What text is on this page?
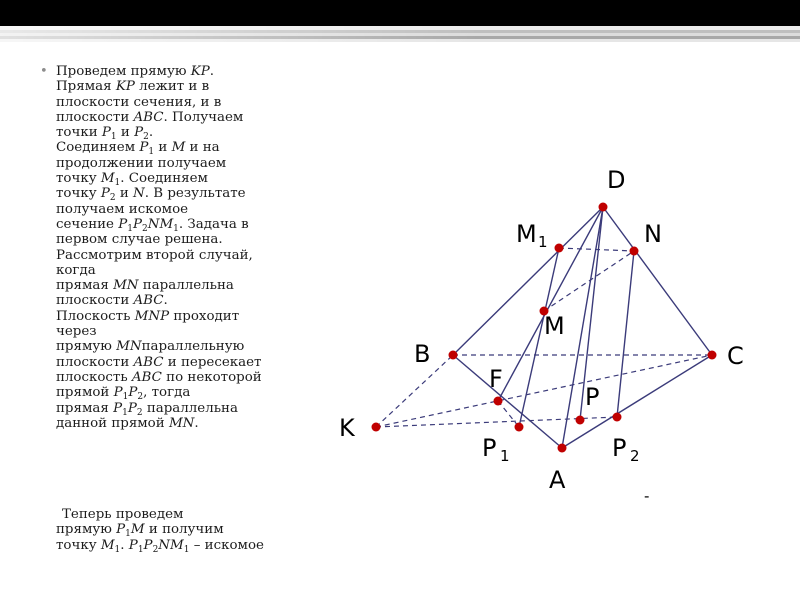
• Проведем прямую KP.
Прямая KP лежит и в
плоскости сечения, и в
плоскости ABC. Получаем
точки $P_1$ и $P_2$.
Соединяем $P_1$ и M и на
продолжении получаем
точку $M_1$. Соединяем
точку $P_2$ и N. В результате
получаем искомое
сечение $P_1P_2NM_1$. Задача в
первом случае решена.
Рассмотрим второй случай,
когда
прямая MN параллельна
плоскости ABC.
Плоскость MNP проходит
через
прямую MNпараллельную
плоскости ABC и пересекает
плоскость ABC по некоторой
прямой $P_1P_2$, тогда
прямая $P_1P_2$ параллельна
данной прямой MN.
Теперь проведем
прямую $P_1M$ и получим
точку $M_1$. $P_1P_2NM_1$ – искомое
D
M 1	N
M
B	C
F
P
K
P 1	P 2
A
-
